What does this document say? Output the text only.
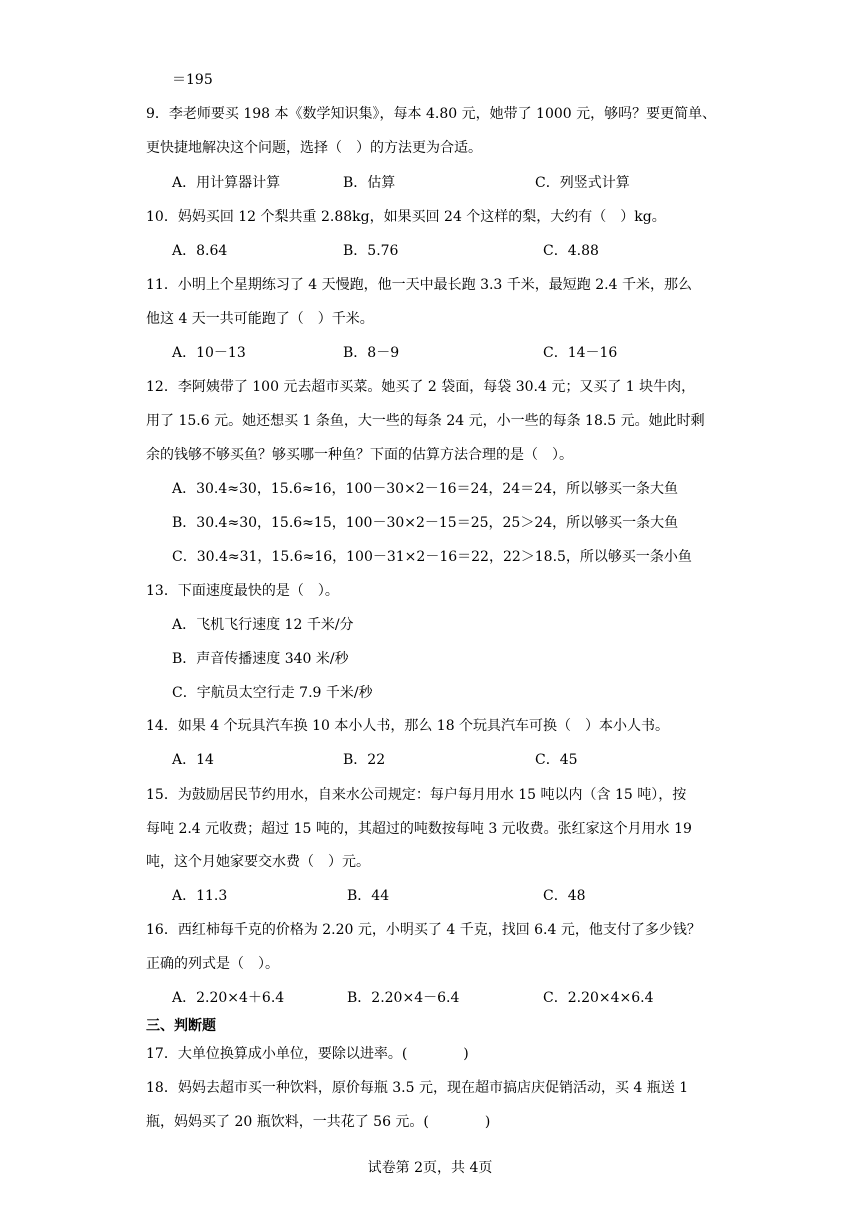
＝195
9．李老师要买 198 本《数学知识集》，每本 4.80 元，她带了 1000 元，够吗？要更简单、
更快捷地解决这个问题，选择（　）的方法更为合适。
A．用计算器计算	B．估算	C．列竖式计算
10．妈妈买回 12 个梨共重 2.88kg，如果买回 24 个这样的梨，大约有（　）kg。
A．8.64	B．5.76	C．4.88
11．小明上个星期练习了 4 天慢跑，他一天中最长跑 3.3 千米，最短跑 2.4 千米，那么
他这 4 天一共可能跑了（　）千米。
A．10－13	B．8－9	C．14－16
12．李阿姨带了 100 元去超市买菜。她买了 2 袋面，每袋 30.4 元；又买了 1 块牛肉，
用了 15.6 元。她还想买 1 条鱼，大一些的每条 24 元，小一些的每条 18.5 元。她此时剩
余的钱够不够买鱼？够买哪一种鱼？下面的估算方法合理的是（　）。
A．30.4≈30，15.6≈16，100－30×2－16＝24，24＝24，所以够买一条大鱼
B．30.4≈30，15.6≈15，100－30×2－15＝25，25＞24，所以够买一条大鱼
C．30.4≈31，15.6≈16，100－31×2－16＝22，22＞18.5，所以够买一条小鱼
13．下面速度最快的是（　）。
A．飞机飞行速度 12 千米/分
B．声音传播速度 340 米/秒
C．宇航员太空行走 7.9 千米/秒
14．如果 4 个玩具汽车换 10 本小人书，那么 18 个玩具汽车可换（　）本小人书。
A．14	B．22	C．45
15．为鼓励居民节约用水，自来水公司规定：每户每月用水 15 吨以内（含 15 吨），按
每吨 2.4 元收费；超过 15 吨的，其超过的吨数按每吨 3 元收费。张红家这个月用水 19
吨，这个月她家要交水费（　）元。
A．11.3	B．44	C．48
16．西红柿每千克的价格为 2.20 元，小明买了 4 千克，找回 6.4 元，他支付了多少钱？
正确的列式是（　）。
A．2.20×4＋6.4	B．2.20×4－6.4	C．2.20×4×6.4
三、判断题
17．大单位换算成小单位，要除以进率。(　　　　)
18．妈妈去超市买一种饮料，原价每瓶 3.5 元，现在超市搞店庆促销活动，买 4 瓶送 1
瓶，妈妈买了 20 瓶饮料，一共花了 56 元。(　　　　)
试卷第 2页，共 4页
